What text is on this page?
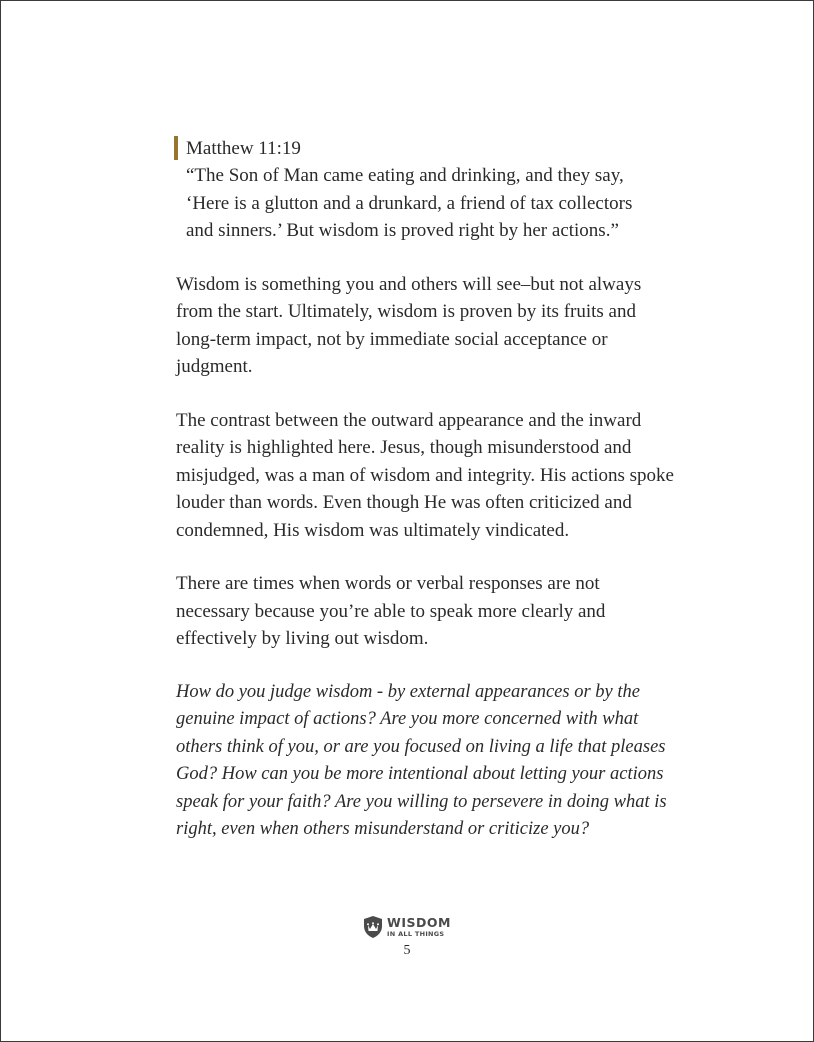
Matthew 11:19
“The Son of Man came eating and drinking, and they say,
‘Here is a glutton and a drunkard, a friend of tax collectors
and sinners.’ But wisdom is proved right by her actions.”

Wisdom is something you and others will see–but not always from the start. Ultimately, wisdom is proven by its fruits and long-term impact, not by immediate social acceptance or judgment.

The contrast between the outward appearance and the inward reality is highlighted here. Jesus, though misunderstood and misjudged, was a man of wisdom and integrity. His actions spoke louder than words. Even though He was often criticized and condemned, His wisdom was ultimately vindicated.

There are times when words or verbal responses are not necessary because you’re able to speak more clearly and effectively by living out wisdom.

How do you judge wisdom - by external appearances or by the genuine impact of actions? Are you more concerned with what others think of you, or are you focused on living a life that pleases God? How can you be more intentional about letting your actions speak for your faith? Are you willing to persevere in doing what is right, even when others misunderstand or criticize you?

WISDOM
IN ALL THINGS
5
